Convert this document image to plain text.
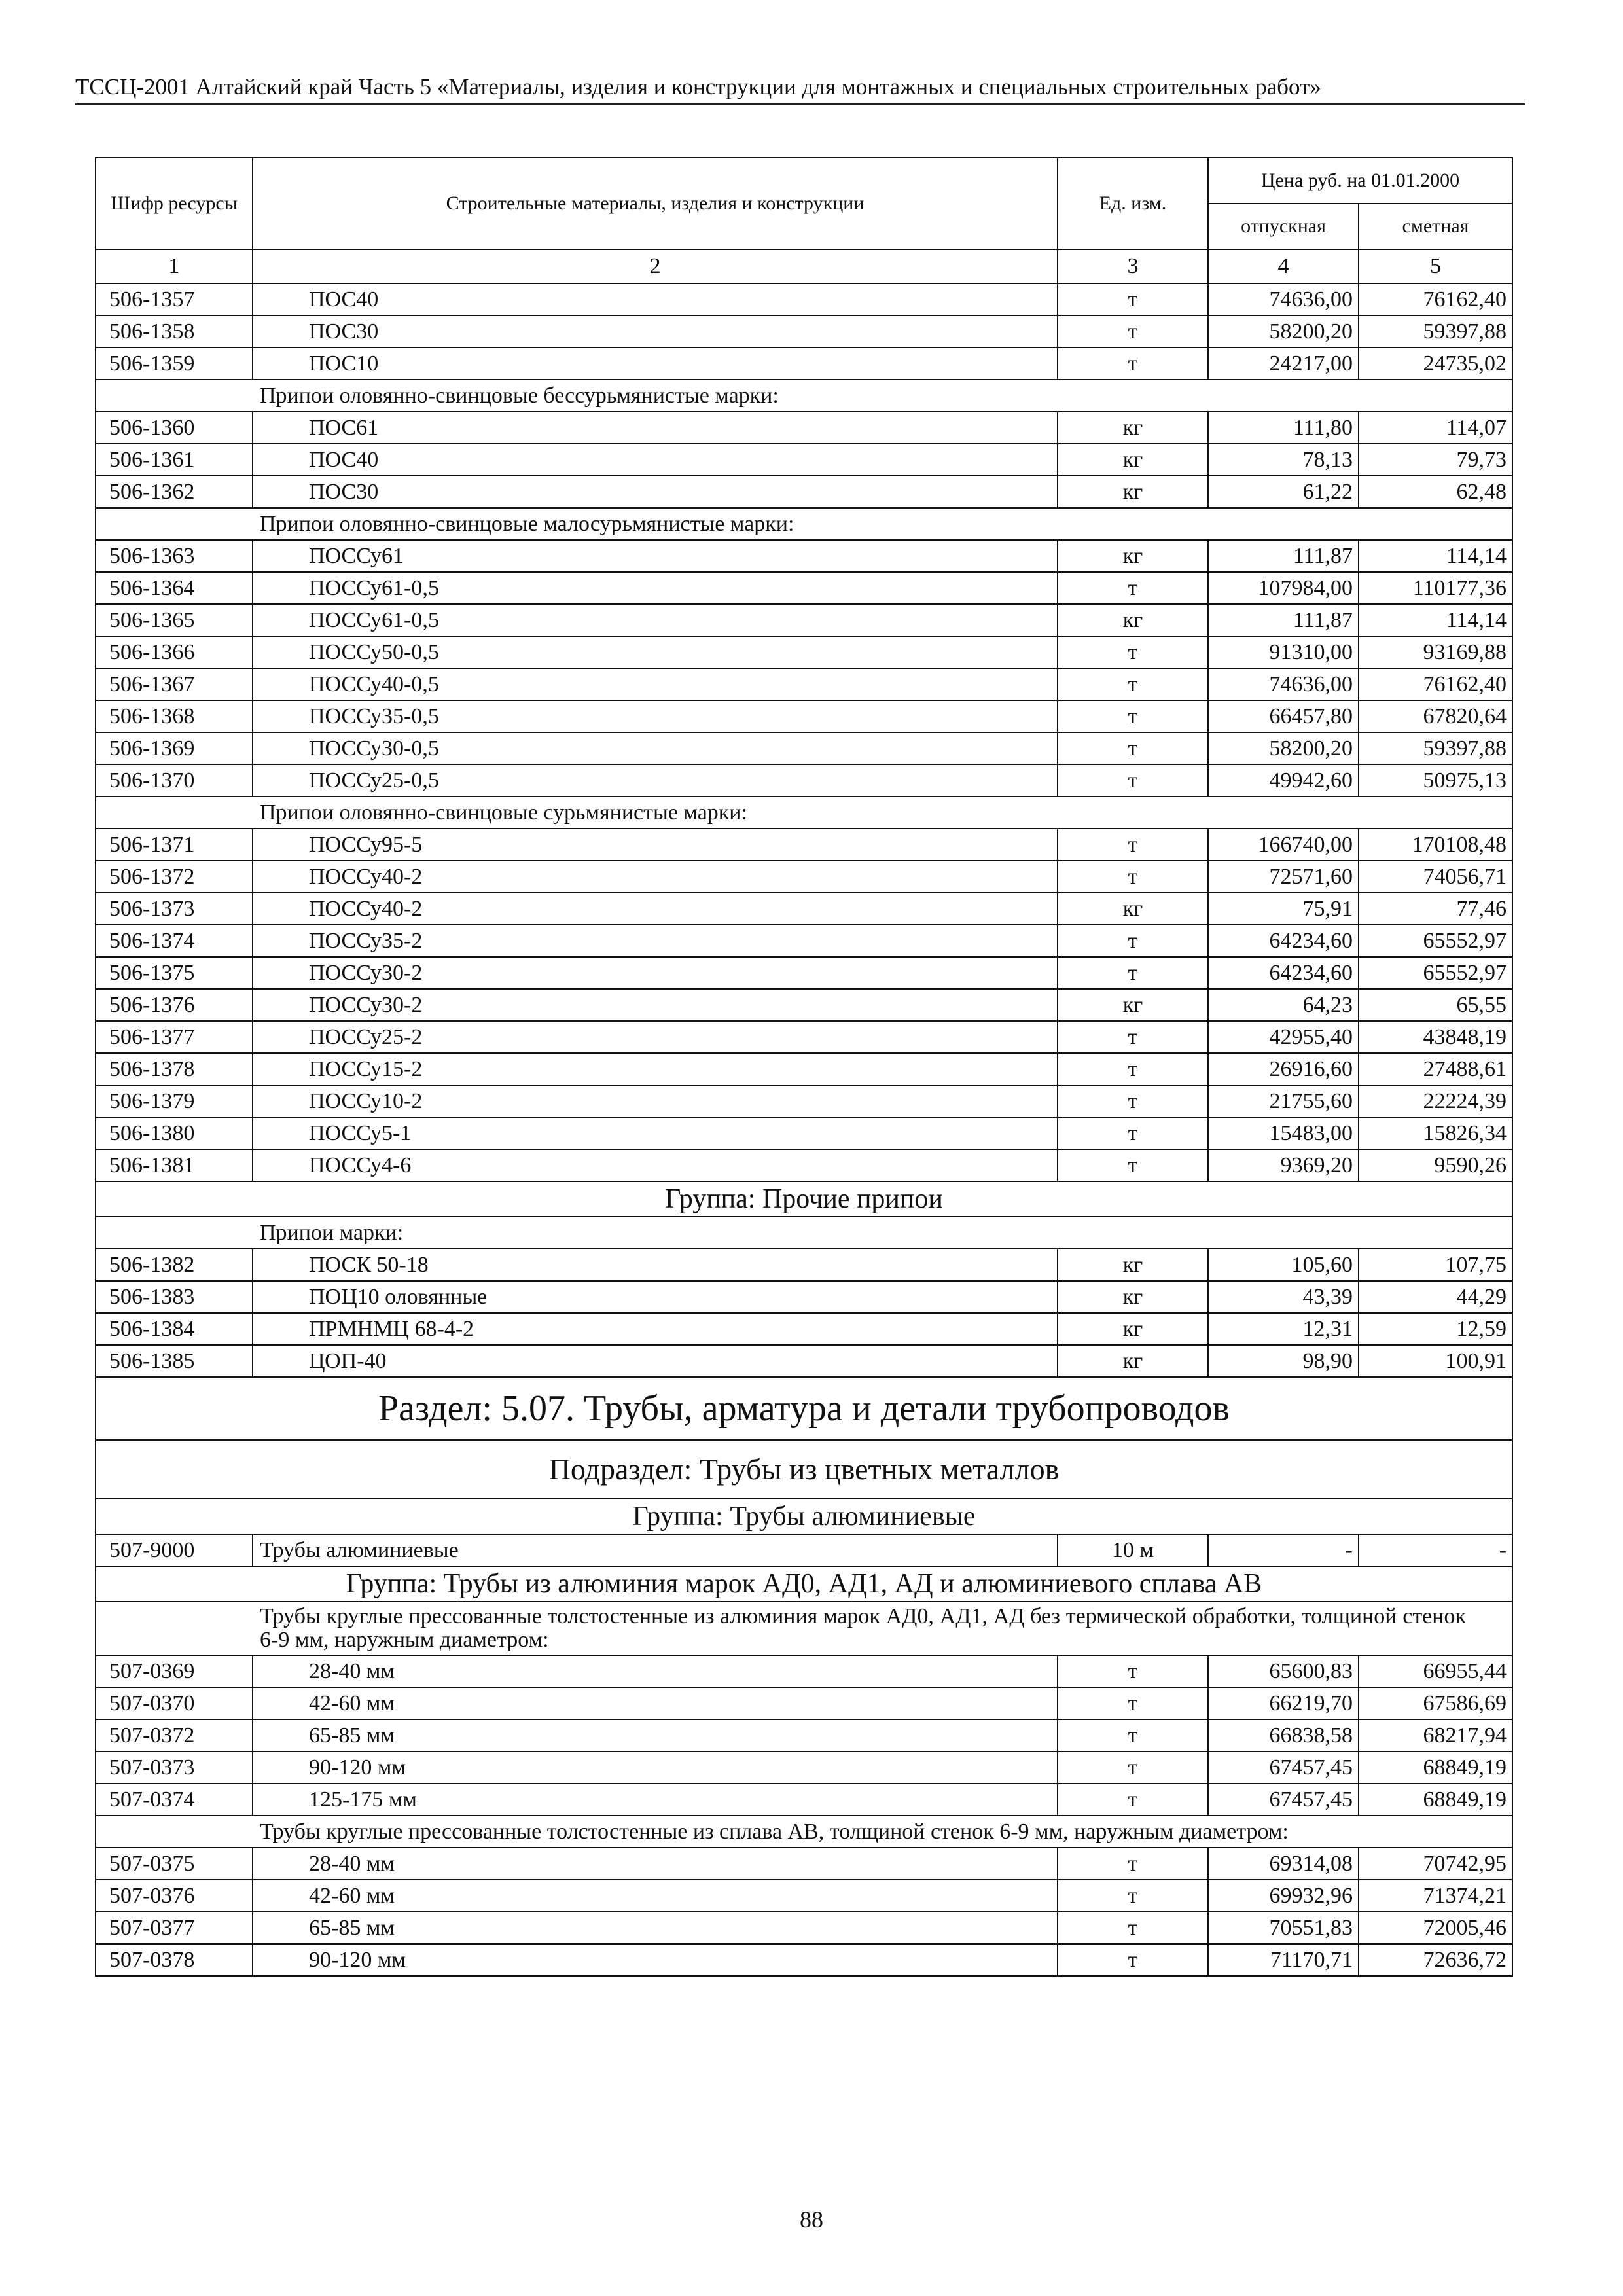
ТССЦ-2001 Алтайский край Часть 5 «Материалы, изделия и конструкции для монтажных и специальных строительных работ»
Шифр ресурсы	Строительные материалы, изделия и конструкции	Ед. изм.	Цена руб. на 01.01.2000	
			отпускная	сметная
1	2	3	4	5
506-1357	ПОС40	т	74636,00	76162,40
506-1358	ПОС30	т	58200,20	59397,88
506-1359	ПОС10	т	24217,00	24735,02
Припои оловянно-свинцовые бессурьмянистые марки:				
506-1360	ПОС61	кг	111,80	114,07
506-1361	ПОС40	кг	78,13	79,73
506-1362	ПОС30	кг	61,22	62,48
Припои оловянно-свинцовые малосурьмянистые марки:				
506-1363	ПОССу61	кг	111,87	114,14
506-1364	ПОССу61-0,5	т	107984,00	110177,36
506-1365	ПОССу61-0,5	кг	111,87	114,14
506-1366	ПОССу50-0,5	т	91310,00	93169,88
506-1367	ПОССу40-0,5	т	74636,00	76162,40
506-1368	ПОССу35-0,5	т	66457,80	67820,64
506-1369	ПОССу30-0,5	т	58200,20	59397,88
506-1370	ПОССу25-0,5	т	49942,60	50975,13
Припои оловянно-свинцовые сурьмянистые марки:				
506-1371	ПОССу95-5	т	166740,00	170108,48
506-1372	ПОССу40-2	т	72571,60	74056,71
506-1373	ПОССу40-2	кг	75,91	77,46
506-1374	ПОССу35-2	т	64234,60	65552,97
506-1375	ПОССу30-2	т	64234,60	65552,97
506-1376	ПОССу30-2	кг	64,23	65,55
506-1377	ПОССу25-2	т	42955,40	43848,19
506-1378	ПОССу15-2	т	26916,60	27488,61
506-1379	ПОССу10-2	т	21755,60	22224,39
506-1380	ПОССу5-1	т	15483,00	15826,34
506-1381	ПОССу4-6	т	9369,20	9590,26
Группа: Прочие припои				
Припои марки:				
506-1382	ПОСК 50-18	кг	105,60	107,75
506-1383	ПОЦ10 оловянные	кг	43,39	44,29
506-1384	ПРМНМЦ 68-4-2	кг	12,31	12,59
506-1385	ЦОП-40	кг	98,90	100,91
Раздел: 5.07. Трубы, арматура и детали трубопроводов				
Подраздел: Трубы из цветных металлов				
Группа: Трубы алюминиевые				
507-9000	Трубы алюминиевые	10 м	-	-
Группа: Трубы из алюминия марок АД0, АД1, АД и алюминиевого сплава АВ				
Трубы круглые прессованные толстостенные из алюминия марок АД0, АД1, АД без термической обработки, толщиной стенок 6-9 мм, наружным диаметром:				
507-0369	28-40 мм	т	65600,83	66955,44
507-0370	42-60 мм	т	66219,70	67586,69
507-0372	65-85 мм	т	66838,58	68217,94
507-0373	90-120 мм	т	67457,45	68849,19
507-0374	125-175 мм	т	67457,45	68849,19
Трубы круглые прессованные толстостенные из сплава АВ, толщиной стенок 6-9 мм, наружным диаметром:				
507-0375	28-40 мм	т	69314,08	70742,95
507-0376	42-60 мм	т	69932,96	71374,21
507-0377	65-85 мм	т	70551,83	72005,46
507-0378	90-120 мм	т	71170,71	72636,72
88
